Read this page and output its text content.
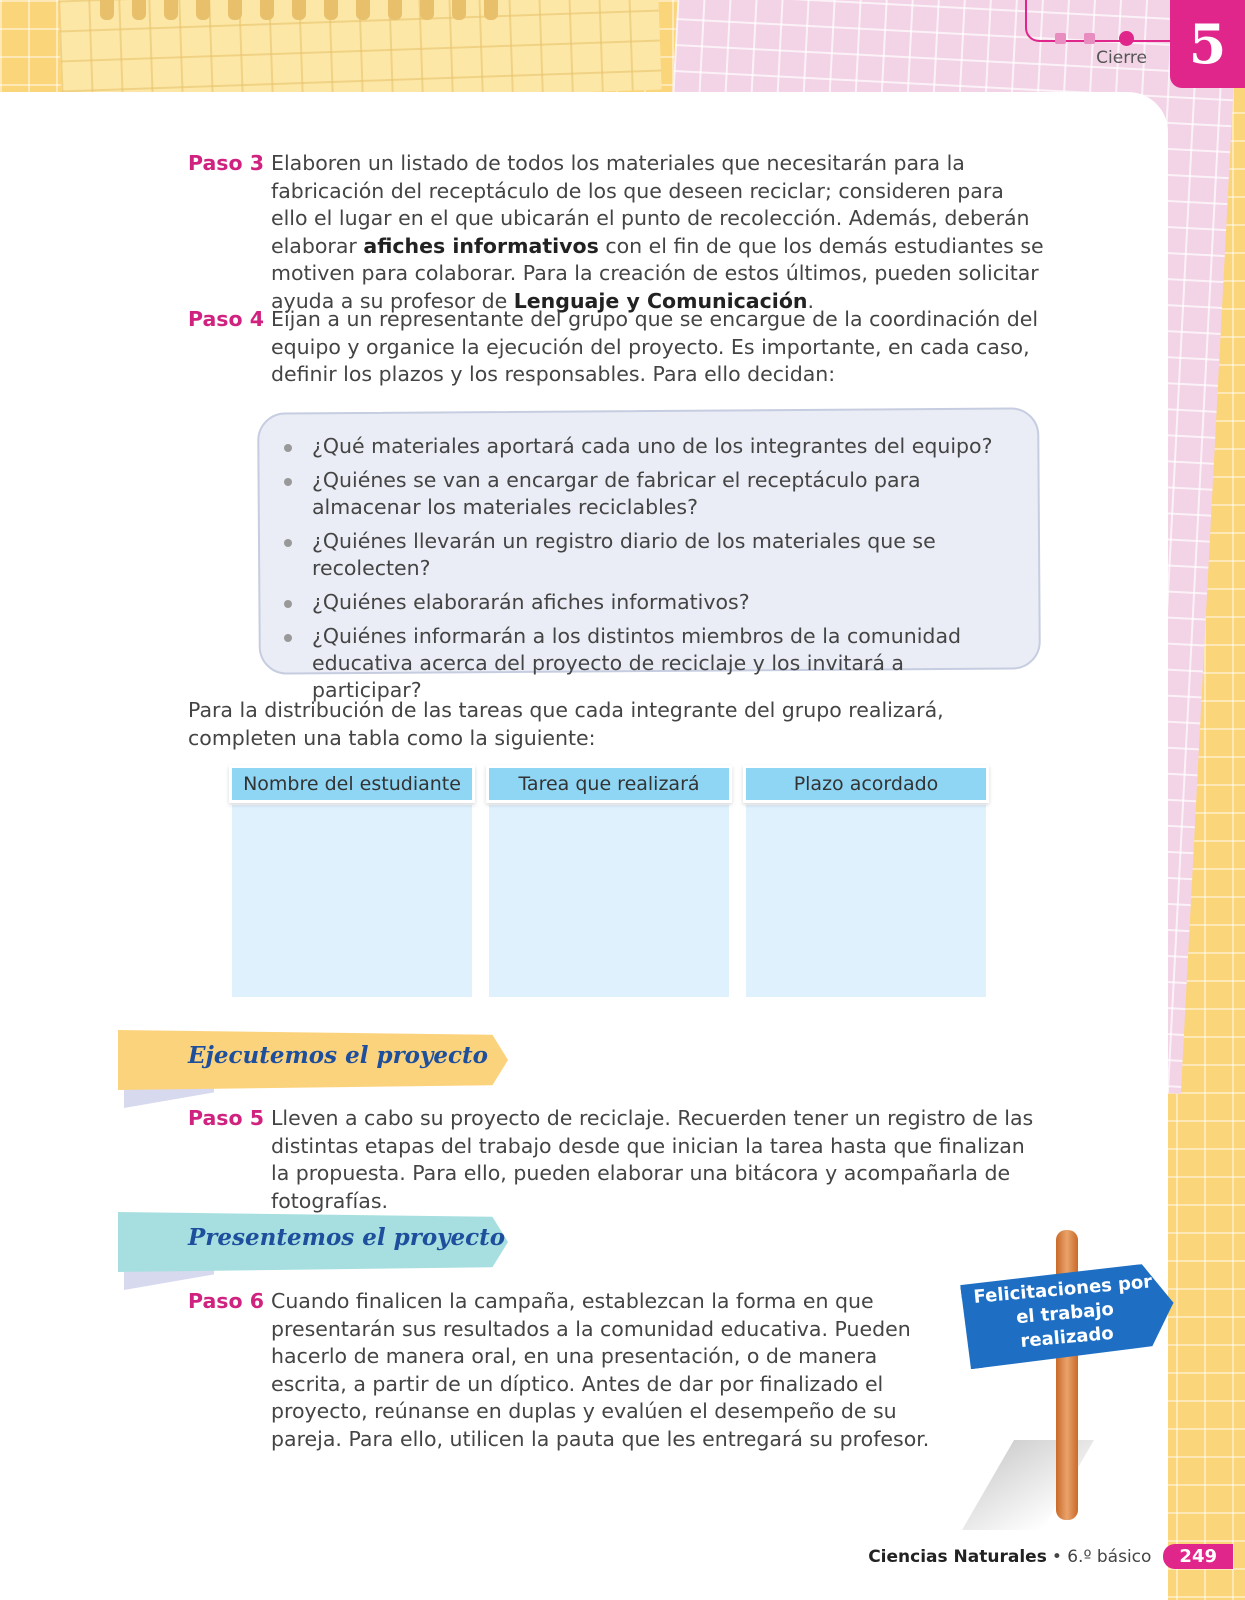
Cierre 5
Paso 3 Elaboren un listado de todos los materiales que necesitarán para la fabricación del receptáculo de los que deseen reciclar; consideren para ello el lugar en el que ubicarán el punto de recolección. Además, deberán elaborar afiches informativos con el fin de que los demás estudiantes se motiven para colaborar. Para la creación de estos últimos, pueden solicitar ayuda a su profesor de Lenguaje y Comunicación.
Paso 4 Eijan a un representante del grupo que se encargue de la coordinación del equipo y organice la ejecución del proyecto. Es importante, en cada caso, definir los plazos y los responsables. Para ello decidan:
¿Qué materiales aportará cada uno de los integrantes del equipo?
¿Quiénes se van a encargar de fabricar el receptáculo para almacenar los materiales reciclables?
¿Quiénes llevarán un registro diario de los materiales que se recolecten?
¿Quiénes elaborarán afiches informativos?
¿Quiénes informarán a los distintos miembros de la comunidad educativa acerca del proyecto de reciclaje y los invitará a participar?
Para la distribución de las tareas que cada integrante del grupo realizará, completen una tabla como la siguiente:
Nombre del estudiante	Tarea que realizará	Plazo acordado
Ejecutemos el proyecto
Paso 5 Lleven a cabo su proyecto de reciclaje. Recuerden tener un registro de las distintas etapas del trabajo desde que inician la tarea hasta que finalizan la propuesta. Para ello, pueden elaborar una bitácora y acompañarla de fotografías.
Presentemos el proyecto
Paso 6 Cuando finalicen la campaña, establezcan la forma en que presentarán sus resultados a la comunidad educativa. Pueden hacerlo de manera oral, en una presentación, o de manera escrita, a partir de un díptico. Antes de dar por finalizado el proyecto, reúnanse en duplas y evalúen el desempeño de su pareja. Para ello, utilicen la pauta que les entregará su profesor.
Felicitaciones por el trabajo realizado
Ciencias Naturales • 6.º básico	249
